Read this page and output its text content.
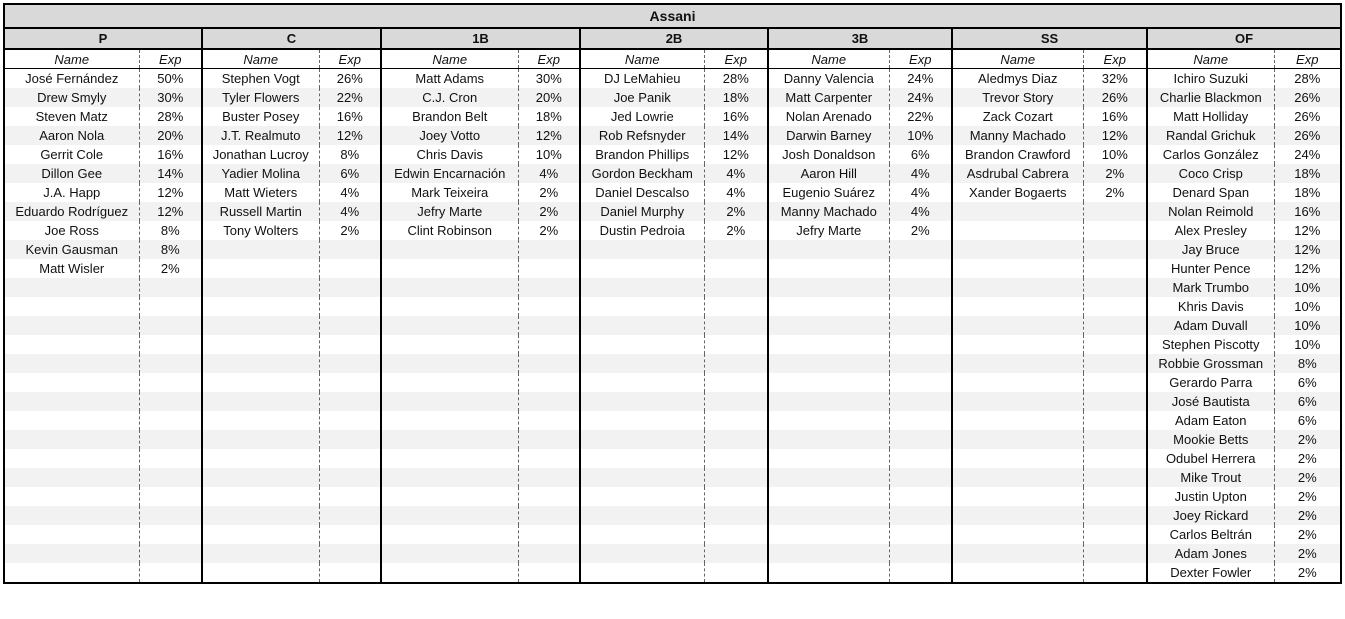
Assani													
P		C		1B		2B		3B		SS		OF	
Name	Exp	Name	Exp	Name	Exp	Name	Exp	Name	Exp	Name	Exp	Name	Exp
José Fernández	50%	Stephen Vogt	26%	Matt Adams	30%	DJ LeMahieu	28%	Danny Valencia	24%	Aledmys Diaz	32%	Ichiro Suzuki	28%
Drew Smyly	30%	Tyler Flowers	22%	C.J. Cron	20%	Joe Panik	18%	Matt Carpenter	24%	Trevor Story	26%	Charlie Blackmon	26%
Steven Matz	28%	Buster Posey	16%	Brandon Belt	18%	Jed Lowrie	16%	Nolan Arenado	22%	Zack Cozart	16%	Matt Holliday	26%
Aaron Nola	20%	J.T. Realmuto	12%	Joey Votto	12%	Rob Refsnyder	14%	Darwin Barney	10%	Manny Machado	12%	Randal Grichuk	26%
Gerrit Cole	16%	Jonathan Lucroy	8%	Chris Davis	10%	Brandon Phillips	12%	Josh Donaldson	6%	Brandon Crawford	10%	Carlos González	24%
Dillon Gee	14%	Yadier Molina	6%	Edwin Encarnación	4%	Gordon Beckham	4%	Aaron Hill	4%	Asdrubal Cabrera	2%	Coco Crisp	18%
J.A. Happ	12%	Matt Wieters	4%	Mark Teixeira	2%	Daniel Descalso	4%	Eugenio Suárez	4%	Xander Bogaerts	2%	Denard Span	18%
Eduardo Rodríguez	12%	Russell Martin	4%	Jefry Marte	2%	Daniel Murphy	2%	Manny Machado	4%			Nolan Reimold	16%
Joe Ross	8%	Tony Wolters	2%	Clint Robinson	2%	Dustin Pedroia	2%	Jefry Marte	2%			Alex Presley	12%
Kevin Gausman	8%											Jay Bruce	12%
Matt Wisler	2%											Hunter Pence	12%
												Mark Trumbo	10%
												Khris Davis	10%
												Adam Duvall	10%
												Stephen Piscotty	10%
												Robbie Grossman	8%
												Gerardo Parra	6%
												José Bautista	6%
												Adam Eaton	6%
												Mookie Betts	2%
												Odubel Herrera	2%
												Mike Trout	2%
												Justin Upton	2%
												Joey Rickard	2%
												Carlos Beltrán	2%
												Adam Jones	2%
												Dexter Fowler	2%
